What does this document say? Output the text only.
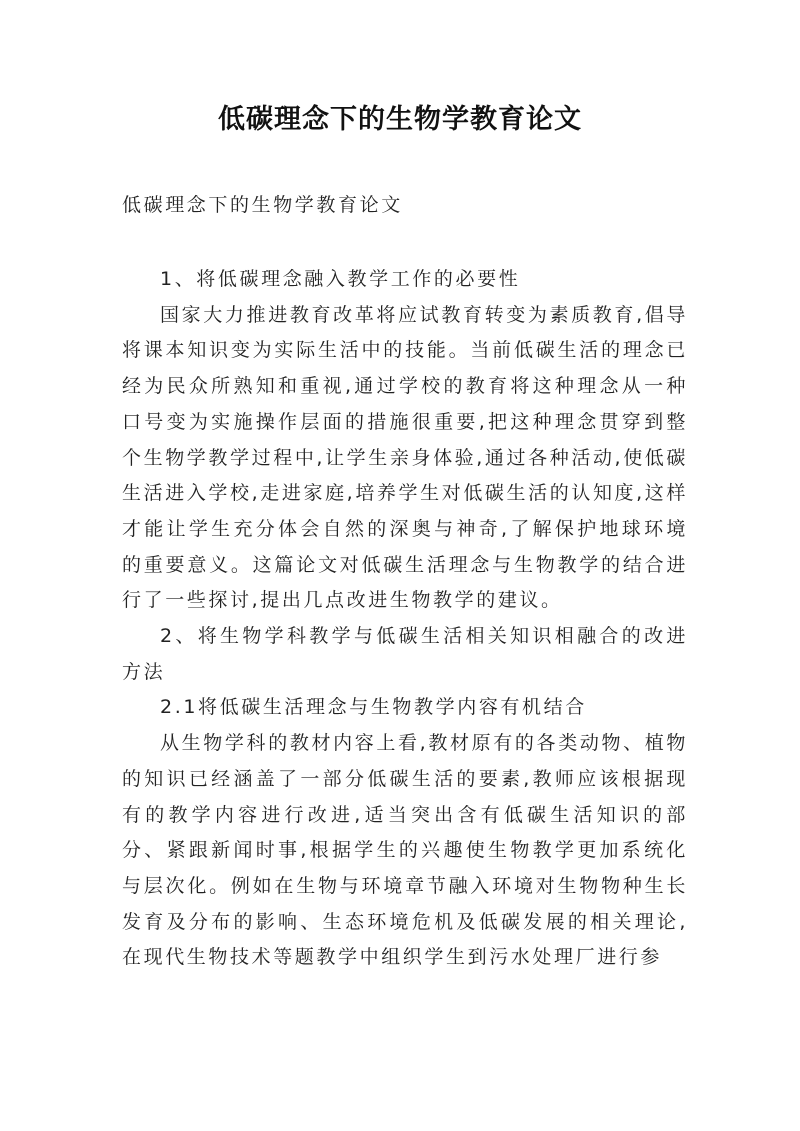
低碳理念下的生物学教育论文

低碳理念下的生物学教育论文

1、将低碳理念融入教学工作的必要性

国家大力推进教育改革将应试教育转变为素质教育,倡导将课本知识变为实际生活中的技能。当前低碳生活的理念已经为民众所熟知和重视,通过学校的教育将这种理念从一种口号变为实施操作层面的措施很重要,把这种理念贯穿到整个生物学教学过程中,让学生亲身体验,通过各种活动,使低碳生活进入学校,走进家庭,培养学生对低碳生活的认知度,这样才能让学生充分体会自然的深奥与神奇,了解保护地球环境的重要意义。这篇论文对低碳生活理念与生物教学的结合进行了一些探讨,提出几点改进生物教学的建议。

2、将生物学科教学与低碳生活相关知识相融合的改进方法

2.1将低碳生活理念与生物教学内容有机结合

从生物学科的教材内容上看,教材原有的各类动物、植物的知识已经涵盖了一部分低碳生活的要素,教师应该根据现有的教学内容进行改进,适当突出含有低碳生活知识的部分、紧跟新闻时事,根据学生的兴趣使生物教学更加系统化与层次化。例如在生物与环境章节融入环境对生物物种生长发育及分布的影响、生态环境危机及低碳发展的相关理论,在现代生物技术等题教学中组织学生到污水处理厂进行参
